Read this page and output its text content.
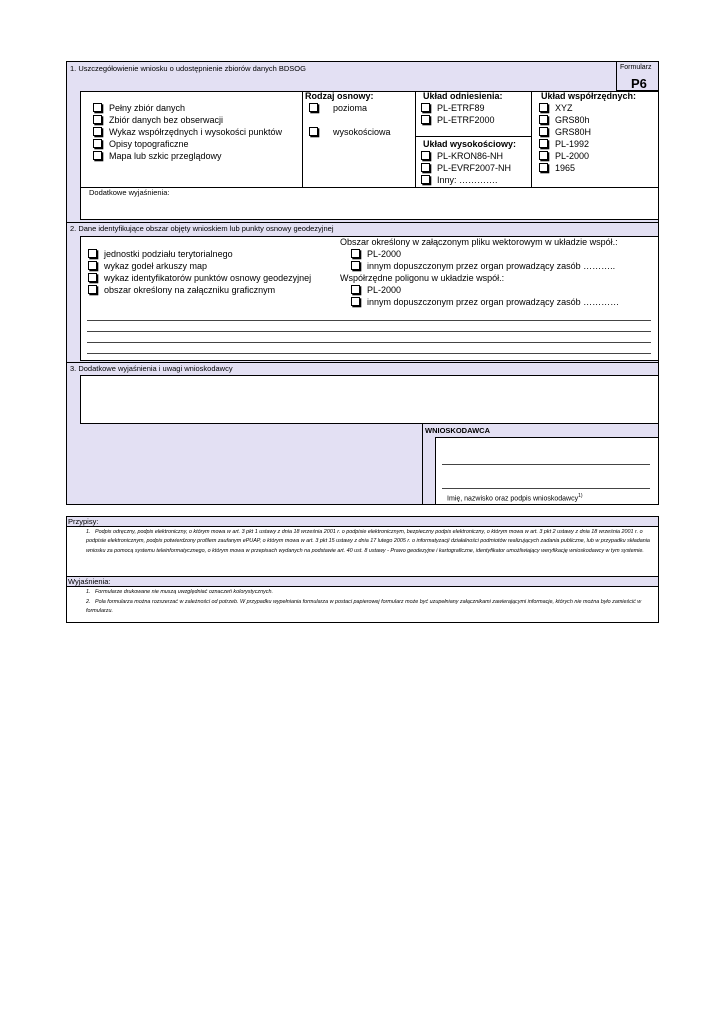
Formularz
P6
1. Uszczegółowienie wniosku o udostępnienie zbiorów danych BDSOG
Pełny zbiór danych
Zbiór danych bez obserwacji
Wykaz współrzędnych i wysokości punktów
Opisy topograficzne
Mapa lub szkic przeglądowy
Rodzaj osnowy:
pozioma
wysokościowa
Układ odniesienia:
PL-ETRF89
PL-ETRF2000
Układ wysokościowy:
PL-KRON86-NH
PL-EVRF2007-NH
Inny: ………….
Układ współrzędnych:
XYZ
GRS80h
GRS80H
PL-1992
PL-2000
1965
Dodatkowe wyjaśnienia:
2. Dane identyfikujące obszar objęty wnioskiem lub punkty osnowy geodezyjnej
jednostki podziału terytorialnego
wykaz godeł arkuszy map
wykaz identyfikatorów punktów osnowy geodezyjnej
obszar określony na załączniku graficznym
Obszar określony w załączonym pliku wektorowym w układzie współ.:
PL-2000
innym dopuszczonym przez organ prowadzący zasób ………..
Współrzędne poligonu w układzie współ.:
PL-2000
innym dopuszczonym przez organ prowadzący zasób …………
3. Dodatkowe wyjaśnienia i uwagi wnioskodawcy
WNIOSKODAWCA
Imię, nazwisko oraz podpis wnioskodawcy$^{1)}$
Przypisy:
1. Podpis odręczny, podpis elektroniczny, o którym mowa w art. 3 pkt 1 ustawy z dnia 18 września 2001 r. o podpisie elektronicznym, bezpieczny podpis elektroniczny, o którym mowa w art. 3 pkt 2 ustawy z dnia 18 września 2001 r. o podpisie elektronicznym, podpis potwierdzony profilem zaufanym ePUAP, o którym mowa w art. 3 pkt 15 ustawy z dnia 17 lutego 2005 r. o informatyzacji działalności podmiotów realizujących zadania publiczne, lub w przypadku składania wniosku za pomocą systemu teleinformatycznego, o którym mowa w przepisach wydanych na podstawie art. 40 ust. 8 ustawy - Prawo geodezyjne i kartograficzne, identyfikator umożliwiający weryfikację wnioskodawcy w tym systemie.
Wyjaśnienia:
1. Formularze drukowane nie muszą uwzględniać oznaczeń kolorystycznych.
2. Pola formularza można rozszerzać w zależności od potrzeb. W przypadku wypełniania formularza w postaci papierowej formularz może być uzupełniany załącznikami zawierającymi informacje, których nie można było zamieścić w formularzu.
